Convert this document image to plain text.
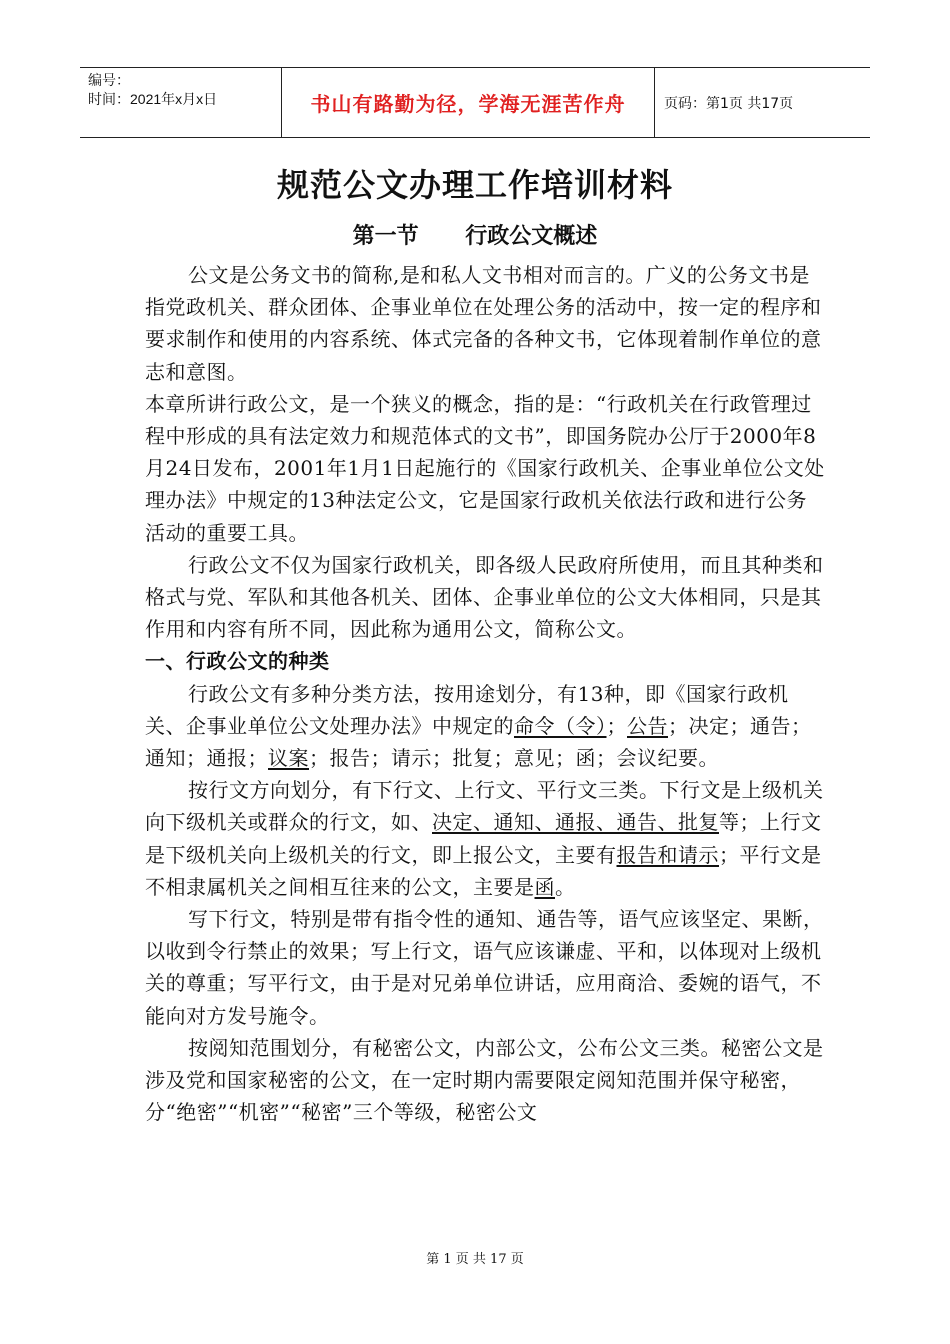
编号：
时间：2021年x月x日	书山有路勤为径，学海无涯苦作舟	页码：第1页 共17页
规范公文办理工作培训材料
第一节    行政公文概述

公文是公务文书的简称,是和私人文书相对而言的。广义的公务文书是指党政机关、群众团体、企事业单位在处理公务的活动中，按一定的程序和要求制作和使用的内容系统、体式完备的各种文书，它体现着制作单位的意志和意图。

本章所讲行政公文，是一个狭义的概念，指的是：“行政机关在行政管理过程中形成的具有法定效力和规范体式的文书”，即国务院办公厅于2000年8月24日发布，2001年1月1日起施行的《国家行政机关、企事业单位公文处理办法》中规定的13种法定公文，它是国家行政机关依法行政和进行公务活动的重要工具。

行政公文不仅为国家行政机关，即各级人民政府所使用，而且其种类和格式与党、军队和其他各机关、团体、企事业单位的公文大体相同，只是其作用和内容有所不同，因此称为通用公文，简称公文。

一、行政公文的种类

行政公文有多种分类方法，按用途划分，有13种，即《国家行政机关、企事业单位公文处理办法》中规定的命令（令）；公告；决定；通告；通知；通报；议案；报告；请示；批复；意见；函；会议纪要。

按行文方向划分，有下行文、上行文、平行文三类。下行文是上级机关向下级机关或群众的行文，如、决定、通知、通报、通告、批复等；上行文是下级机关向上级机关的行文，即上报公文，主要有报告和请示；平行文是不相隶属机关之间相互往来的公文，主要是函。

写下行文，特别是带有指令性的通知、通告等，语气应该坚定、果断，以收到令行禁止的效果；写上行文，语气应该谦虚、平和，以体现对上级机关的尊重；写平行文，由于是对兄弟单位讲话，应用商洽、委婉的语气，不能向对方发号施令。

按阅知范围划分，有秘密公文，内部公文，公布公文三类。秘密公文是涉及党和国家秘密的公文，在一定时期内需要限定阅知范围并保守秘密，分“绝密”“机密”“秘密”三个等级，秘密公文

第 1 页 共 17 页
